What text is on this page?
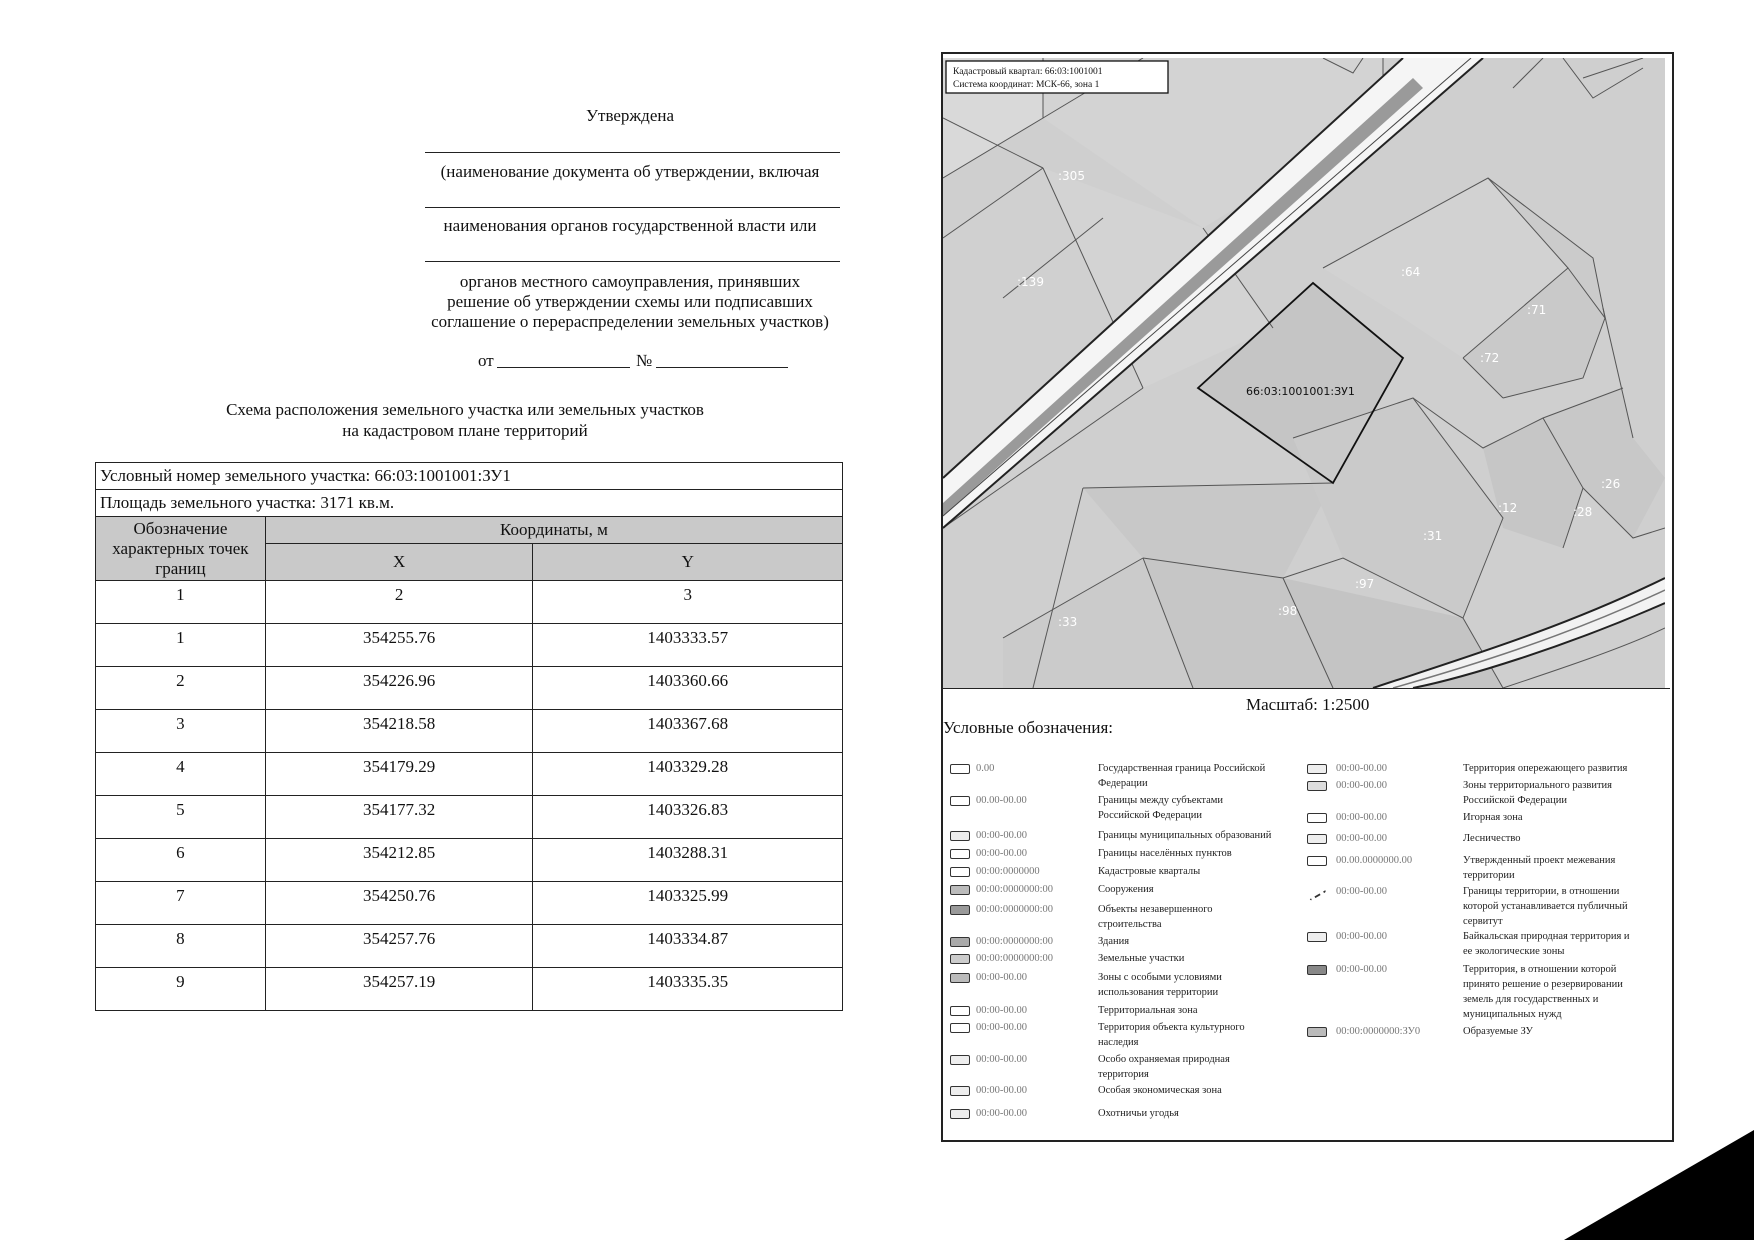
Утверждена
(наименование документа об утверждении, включая
наименования органов государственной власти или
органов местного самоуправления, принявших
решение об утверждении схемы или подписавших
соглашение о перераспределении земельных участков)
от	№
Схема расположения земельного участка или земельных участков
на кадастровом плане территорий
Условный номер земельного участка: 66:03:1001001:ЗУ1		
Площадь земельного участка: 3171 кв.м.		
Обозначение характерных точек границ	Координаты, м	
	X	Y
1	2	3
1	354255.76	1403333.57
2	354226.96	1403360.66
3	354218.58	1403367.68
4	354179.29	1403329.28
5	354177.32	1403326.83
6	354212.85	1403288.31
7	354250.76	1403325.99
8	354257.76	1403334.87
9	354257.19	1403335.35
Кадастровый квартал: 66:03:1001001
Система координат: МСК-66, зона 1
:305
:139
:64
:71
:72
:26
:12	:28
:31
:97
:98
:33
66:03:1001001:ЗУ1
Масштаб: 1:2500
Условные обозначения:
0.00	Государственная граница Российской
Федерации
00.00-00.00	Границы между субъектами
Российской Федерации
00:00-00.00	Границы муниципальных образований
00:00-00.00	Границы населённых пунктов
00:00:0000000	Кадастровые кварталы
00:00:0000000:00	Сооружения
00:00:0000000:00	Объекты незавершенного
строительства
00:00:0000000:00	Здания
00:00:0000000:00	Земельные участки
00:00-00.00	Зоны с особыми условиями
использования территории
00:00-00.00	Территориальная зона
00:00-00.00	Территория объекта культурного
наследия
00:00-00.00	Особо охраняемая природная
территория
00:00-00.00	Особая экономическая зона
00:00-00.00	Охотничьи угодья
00:00-00.00	Территория опережающего развития
00:00-00.00	Зоны территориального развития
Российской Федерации
00:00-00.00	Игорная зона
00:00-00.00	Лесничество
00.00.0000000.00	Утвержденный проект межевания
территории
00:00-00.00	Границы территории, в отношении
которой устанавливается публичный
сервитут
00:00-00.00	Байкальская природная территория и
ее экологические зоны
00:00-00.00	Территория, в отношении которой
принято решение о резервировании
земель для государственных и
муниципальных нужд
00:00:0000000:ЗУ0	Образуемые ЗУ
